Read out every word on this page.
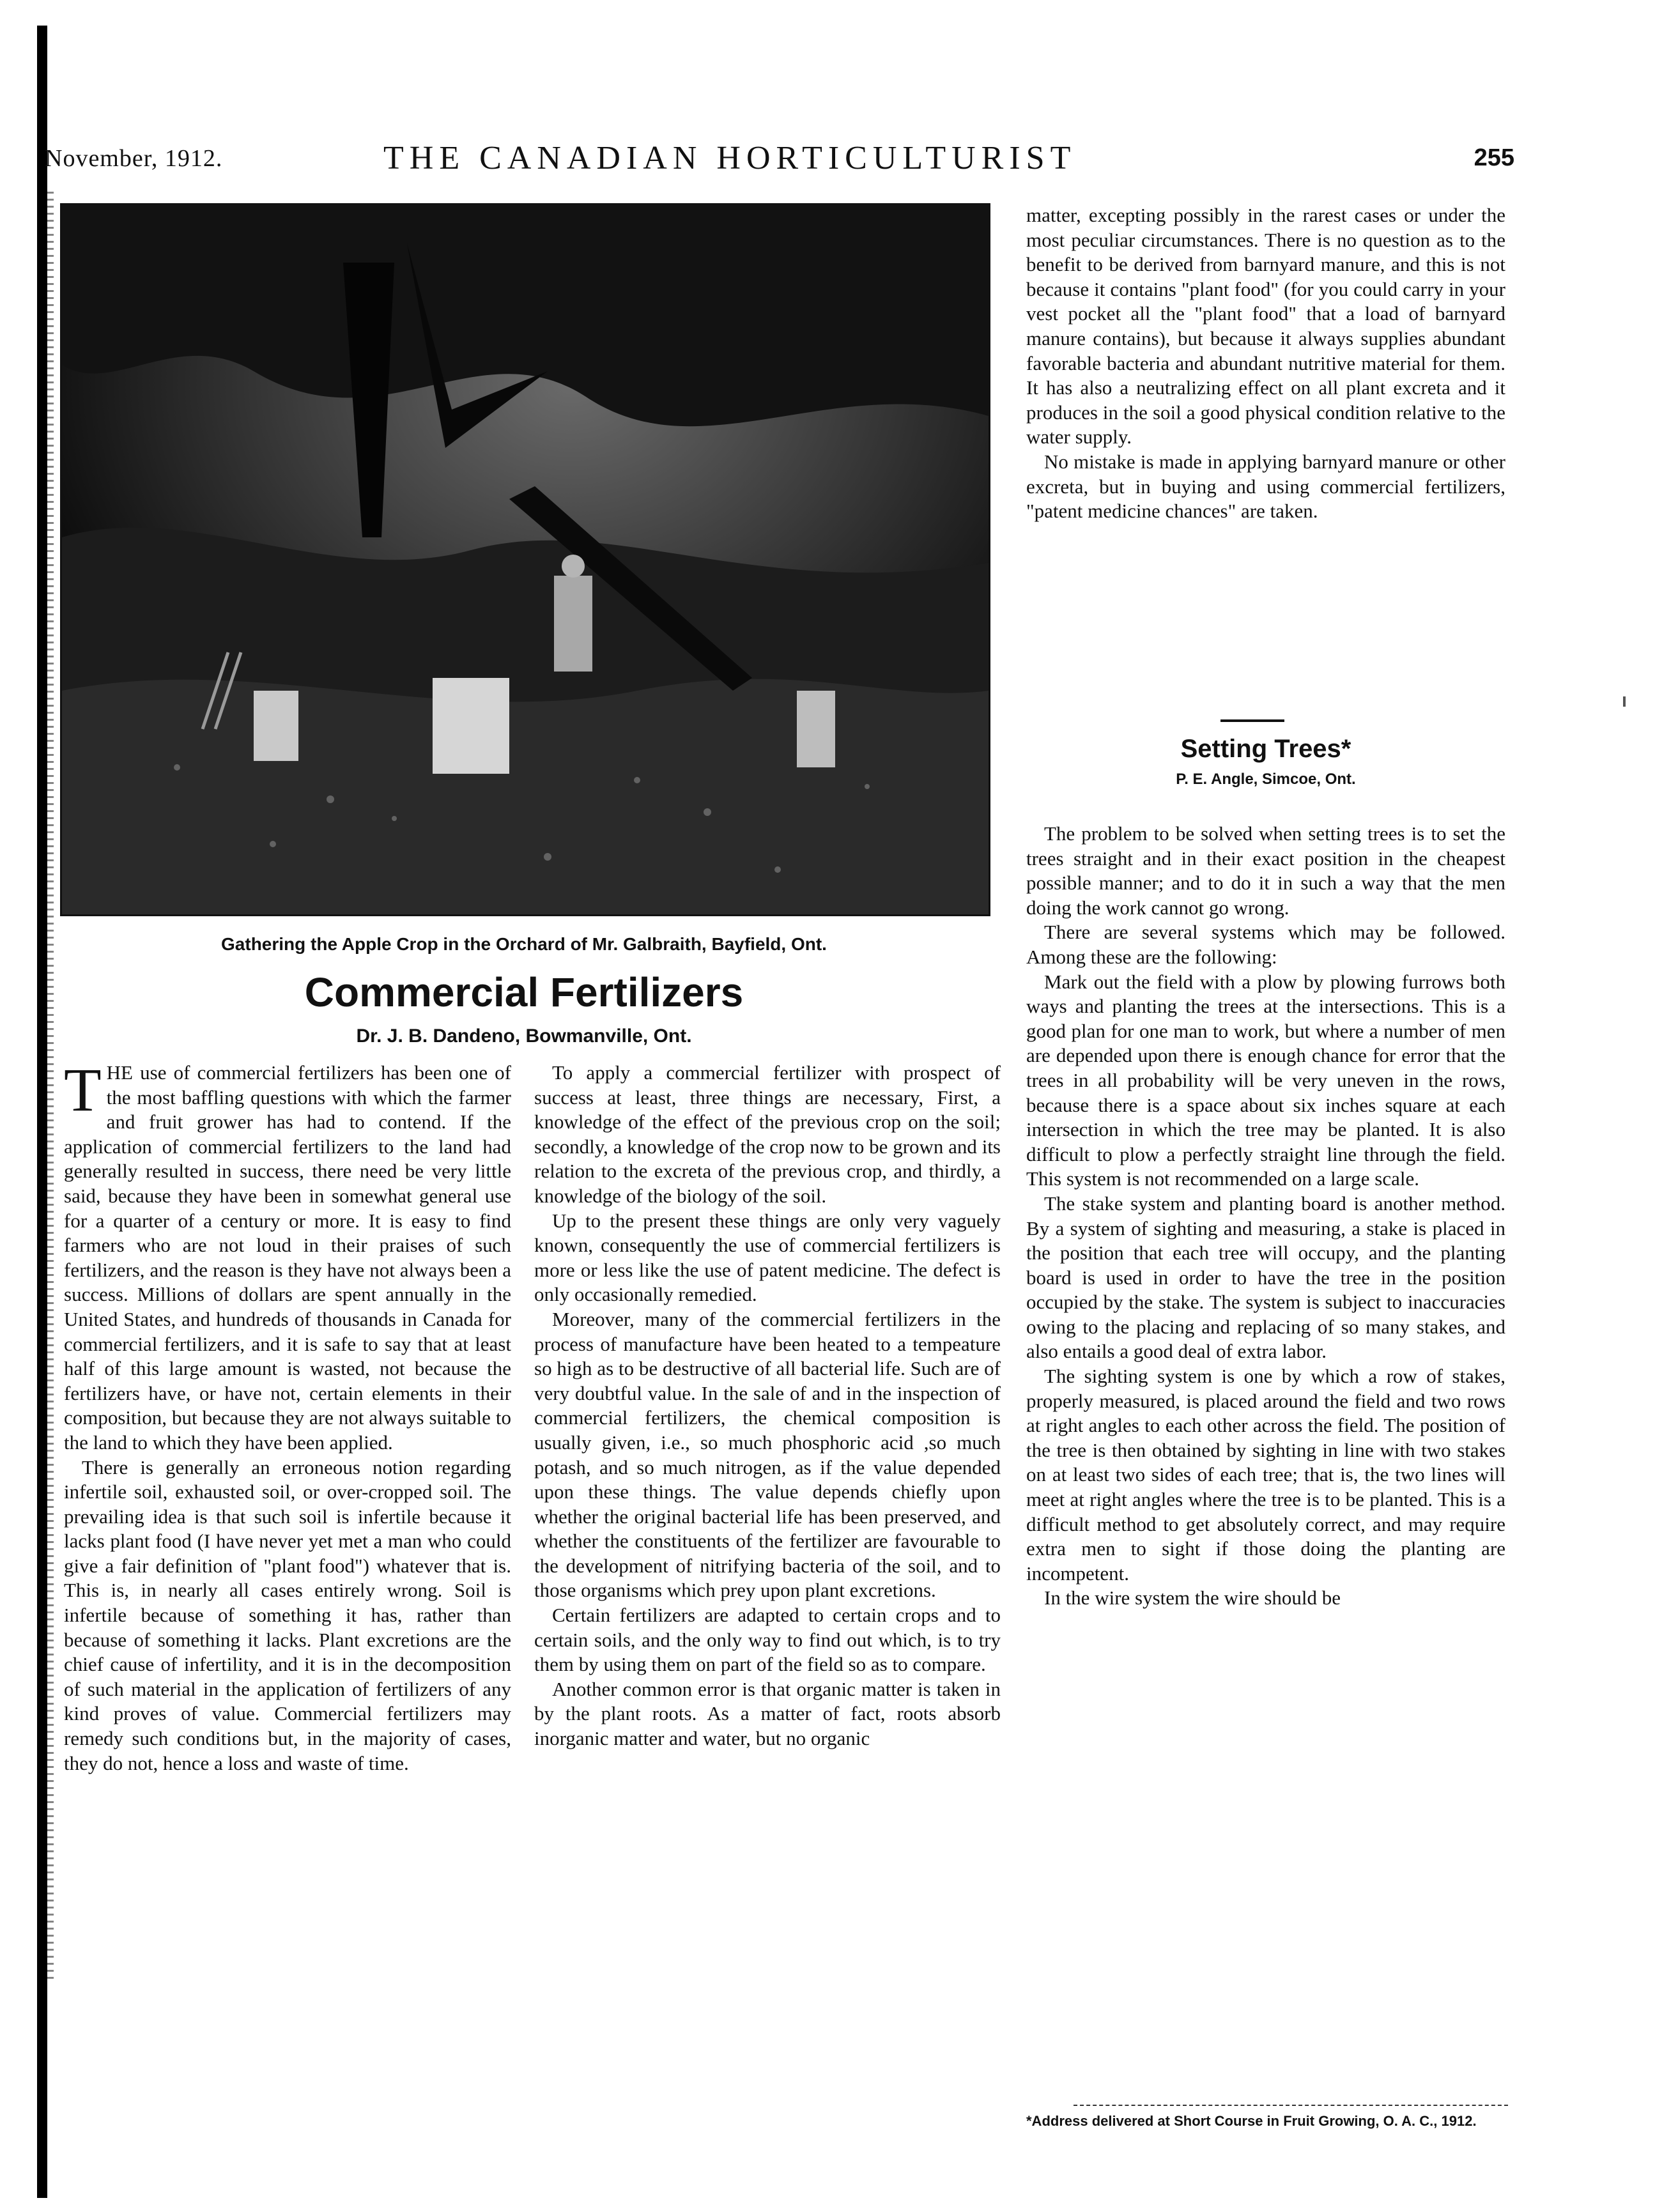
November, 1912.	THE CANADIAN HORTICULTURIST	255
Gathering the Apple Crop in the Orchard of Mr. Galbraith, Bayfield, Ont.
Commercial Fertilizers
Dr. J. B. Dandeno, Bowmanville, Ont.
T HE use of commercial fertilizers has been one of the most baffling questions with which the farmer and fruit grower has had to contend. If the application of commercial fertilizers to the land had generally resulted in success, there need be very little said, because they have been in somewhat general use for a quarter of a century or more. It is easy to find farmers who are not loud in their praises of such fertilizers, and the reason is they have not always been a success. Millions of dollars are spent annually in the United States, and hundreds of thousands in Canada for commercial fertilizers, and it is safe to say that at least half of this large amount is wasted, not because the fertilizers have, or have not, certain elements in their composition, but because they are not always suitable to the land to which they have been applied.

There is generally an erroneous notion regarding infertile soil, exhausted soil, or over-cropped soil. The prevailing idea is that such soil is infertile because it lacks plant food (I have never yet met a man who could give a fair definition of "plant food") whatever that is. This is, in nearly all cases entirely wrong. Soil is infertile because of something it has, rather than because of something it lacks. Plant excretions are the chief cause of infertility, and it is in the decomposition of such material in the application of fertilizers of any kind proves of value. Commercial fertilizers may remedy such conditions but, in the majority of cases, they do not, hence a loss and waste of time.

To apply a commercial fertilizer with prospect of success at least, three things are necessary, First, a knowledge of the effect of the previous crop on the soil; secondly, a knowledge of the crop now to be grown and its relation to the excreta of the previous crop, and thirdly, a knowledge of the biology of the soil.

Up to the present these things are only very vaguely known, consequently the use of commercial fertilizers is more or less like the use of patent medicine. The defect is only occasionally remedied.

Moreover, many of the commercial fertilizers in the process of manufacture have been heated to a tempeature so high as to be destructive of all bacterial life. Such are of very doubtful value. In the sale of and in the inspection of commercial fertilizers, the chemical composition is usually given, i.e., so much phosphoric acid ,so much potash, and so much nitrogen, as if the value depended upon these things. The value depends chiefly upon whether the original bacterial life has been preserved, and whether the constituents of the fertilizer are favourable to the development of nitrifying bacteria of the soil, and to those organisms which prey upon plant excretions.

Certain fertilizers are adapted to certain crops and to certain soils, and the only way to find out which, is to try them by using them on part of the field so as to compare.

Another common error is that organic matter is taken in by the plant roots. As a matter of fact, roots absorb inorganic matter and water, but no organic

matter, excepting possibly in the rarest cases or under the most peculiar circumstances. There is no question as to the benefit to be derived from barnyard manure, and this is not because it contains "plant food" (for you could carry in your vest pocket all the "plant food" that a load of barnyard manure contains), but because it always supplies abundant favorable bacteria and abundant nutritive material for them. It has also a neutralizing effect on all plant excreta and it produces in the soil a good physical condition relative to the water supply.

No mistake is made in applying barnyard manure or other excreta, but in buying and using commercial fertilizers, "patent medicine chances" are taken.

Setting Trees*
P. E. Angle, Simcoe, Ont.

The problem to be solved when setting trees is to set the trees straight and in their exact position in the cheapest possible manner; and to do it in such a way that the men doing the work cannot go wrong.

There are several systems which may be followed. Among these are the following:

Mark out the field with a plow by plowing furrows both ways and planting the trees at the intersections. This is a good plan for one man to work, but where a number of men are depended upon there is enough chance for error that the trees in all probability will be very uneven in the rows, because there is a space about six inches square at each intersection in which the tree may be planted. It is also difficult to plow a perfectly straight line through the field. This system is not recommended on a large scale.

The stake system and planting board is another method. By a system of sighting and measuring, a stake is placed in the position that each tree will occupy, and the planting board is used in order to have the tree in the position occupied by the stake. The system is subject to inaccuracies owing to the placing and replacing of so many stakes, and also entails a good deal of extra labor.

The sighting system is one by which a row of stakes, properly measured, is placed around the field and two rows at right angles to each other across the field. The position of the tree is then obtained by sighting in line with two stakes on at least two sides of each tree; that is, the two lines will meet at right angles where the tree is to be planted. This is a difficult method to get absolutely correct, and may require extra men to sight if those doing the planting are incompetent.

In the wire system the wire should be

*Address delivered at Short Course in Fruit Growing, O. A. C., 1912.
